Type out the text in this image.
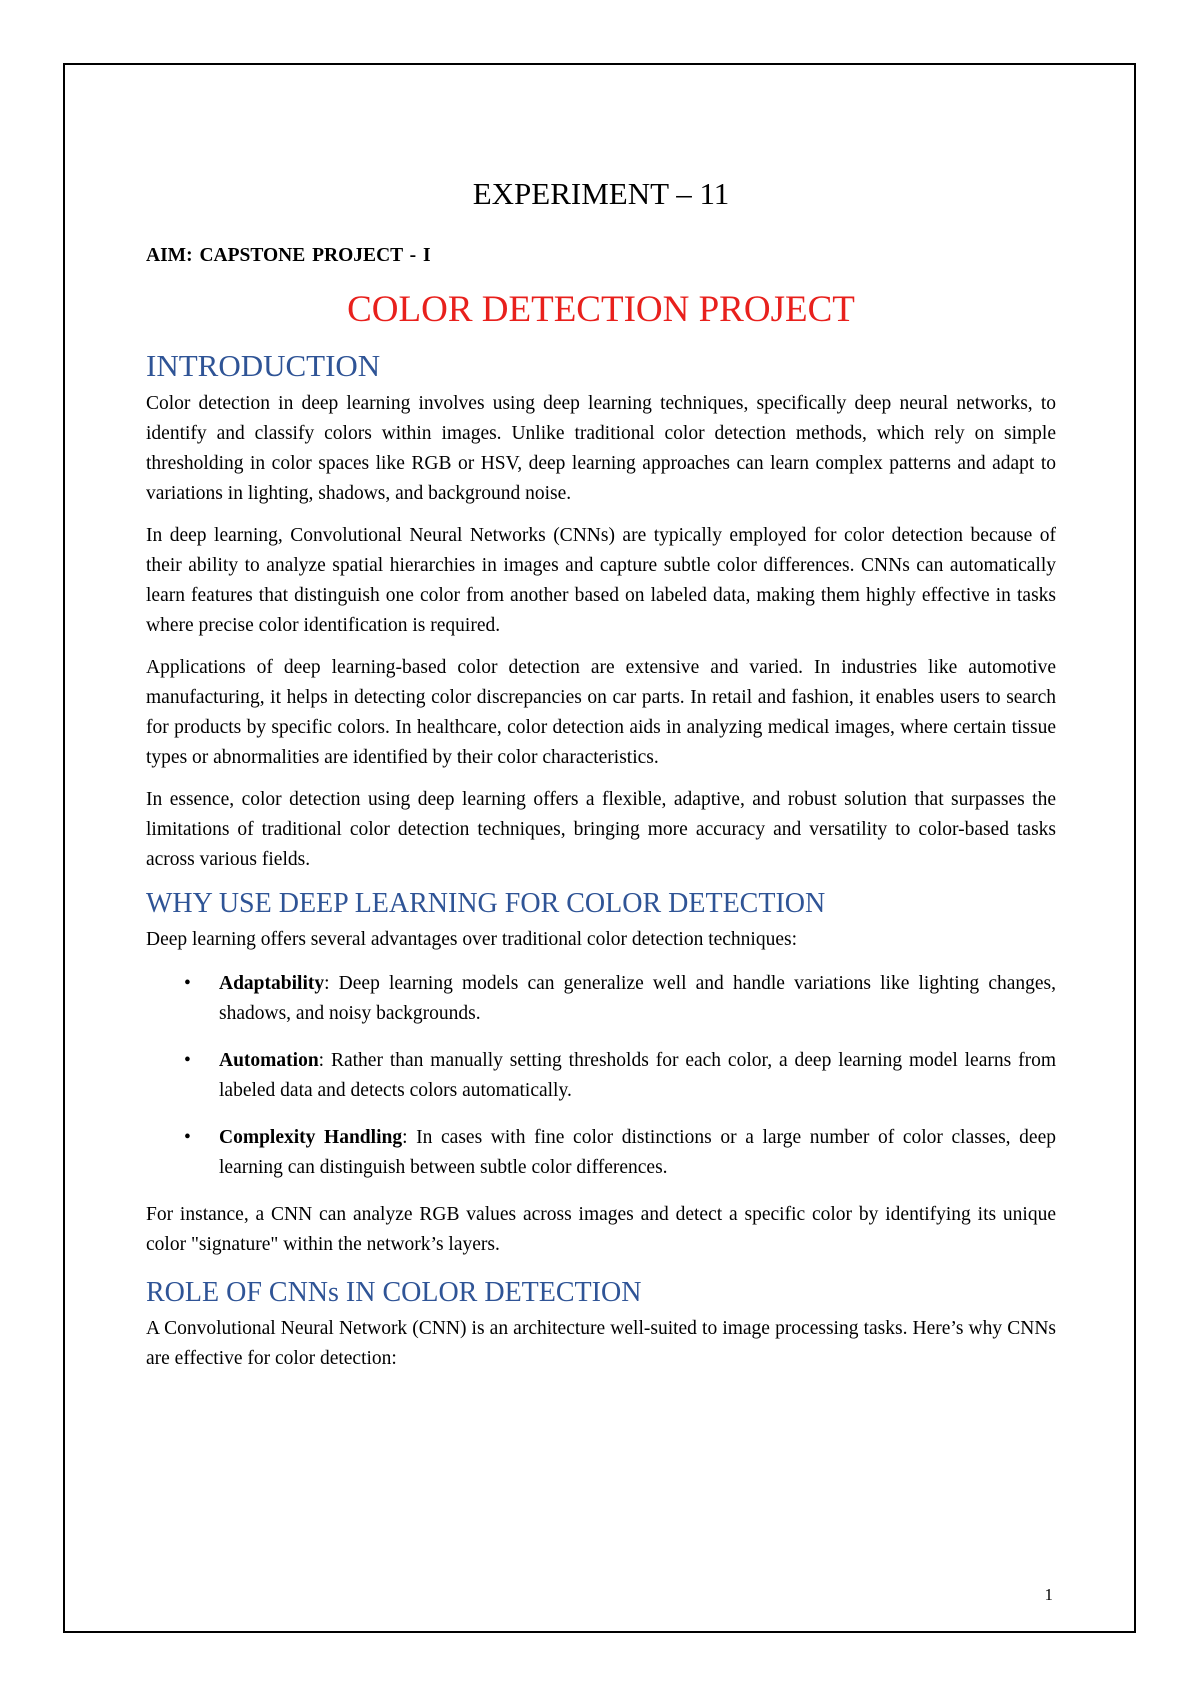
EXPERIMENT – 11
AIM: CAPSTONE PROJECT - I
COLOR DETECTION PROJECT
INTRODUCTION

Color detection in deep learning involves using deep learning techniques, specifically deep neural networks, to identify and classify colors within images. Unlike traditional color detection methods, which rely on simple thresholding in color spaces like RGB or HSV, deep learning approaches can learn complex patterns and adapt to variations in lighting, shadows, and background noise.

In deep learning, Convolutional Neural Networks (CNNs) are typically employed for color detection because of their ability to analyze spatial hierarchies in images and capture subtle color differences. CNNs can automatically learn features that distinguish one color from another based on labeled data, making them highly effective in tasks where precise color identification is required.

Applications of deep learning-based color detection are extensive and varied. In industries like automotive manufacturing, it helps in detecting color discrepancies on car parts. In retail and fashion, it enables users to search for products by specific colors. In healthcare, color detection aids in analyzing medical images, where certain tissue types or abnormalities are identified by their color characteristics.

In essence, color detection using deep learning offers a flexible, adaptive, and robust solution that surpasses the limitations of traditional color detection techniques, bringing more accuracy and versatility to color-based tasks across various fields.

WHY USE DEEP LEARNING FOR COLOR DETECTION

Deep learning offers several advantages over traditional color detection techniques:

• Adaptability: Deep learning models can generalize well and handle variations like lighting changes, shadows, and noisy backgrounds.
• Automation: Rather than manually setting thresholds for each color, a deep learning model learns from labeled data and detects colors automatically.
• Complexity Handling: In cases with fine color distinctions or a large number of color classes, deep learning can distinguish between subtle color differences.

For instance, a CNN can analyze RGB values across images and detect a specific color by identifying its unique color "signature" within the network’s layers.

ROLE OF CNNs IN COLOR DETECTION

A Convolutional Neural Network (CNN) is an architecture well-suited to image processing tasks. Here’s why CNNs are effective for color detection:

1
